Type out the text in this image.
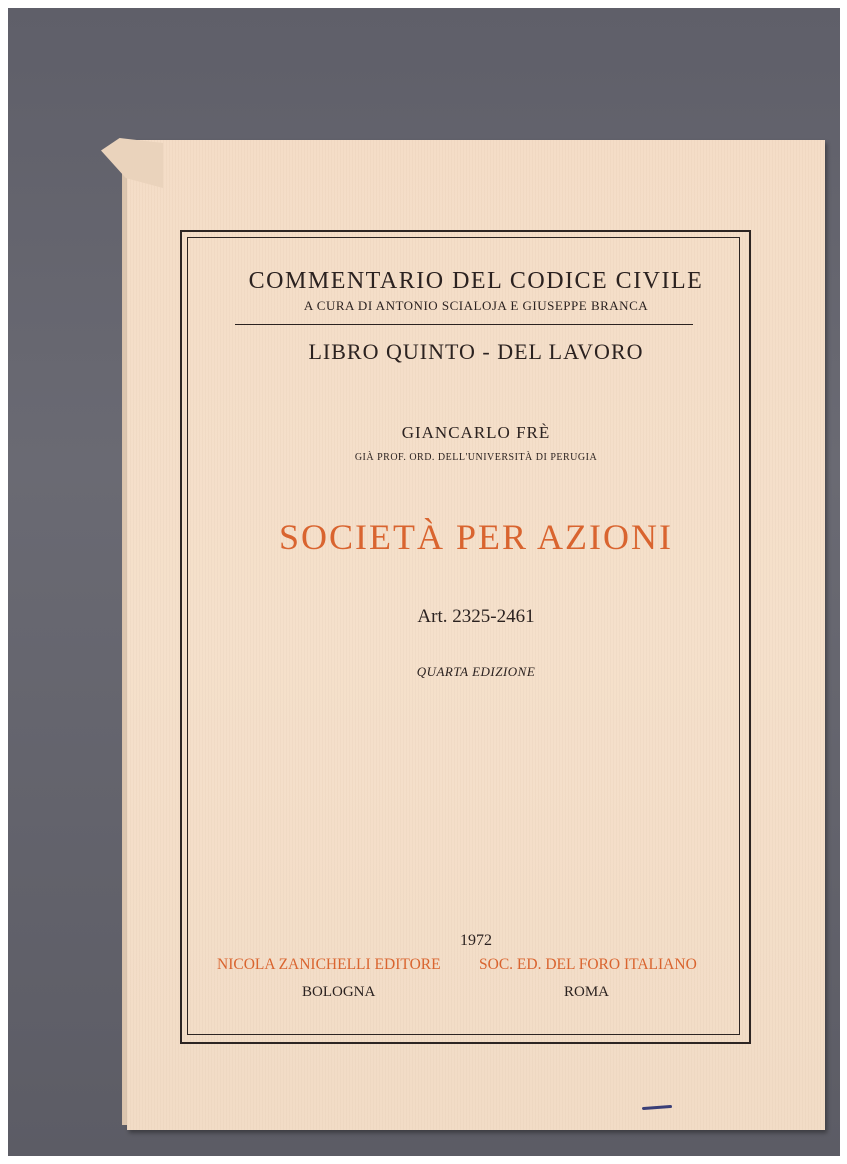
COMMENTARIO DEL CODICE CIVILE
A CURA DI ANTONIO SCIALOJA E GIUSEPPE BRANCA
LIBRO QUINTO - DEL LAVORO
GIANCARLO FRÈ
GIÀ PROF. ORD. DELL'UNIVERSITÀ DI PERUGIA
SOCIETÀ PER AZIONI
Art. 2325-2461
QUARTA EDIZIONE
1972
NICOLA ZANICHELLI EDITORE SOC. ED. DEL FORO ITALIANO
BOLOGNA	ROMA
